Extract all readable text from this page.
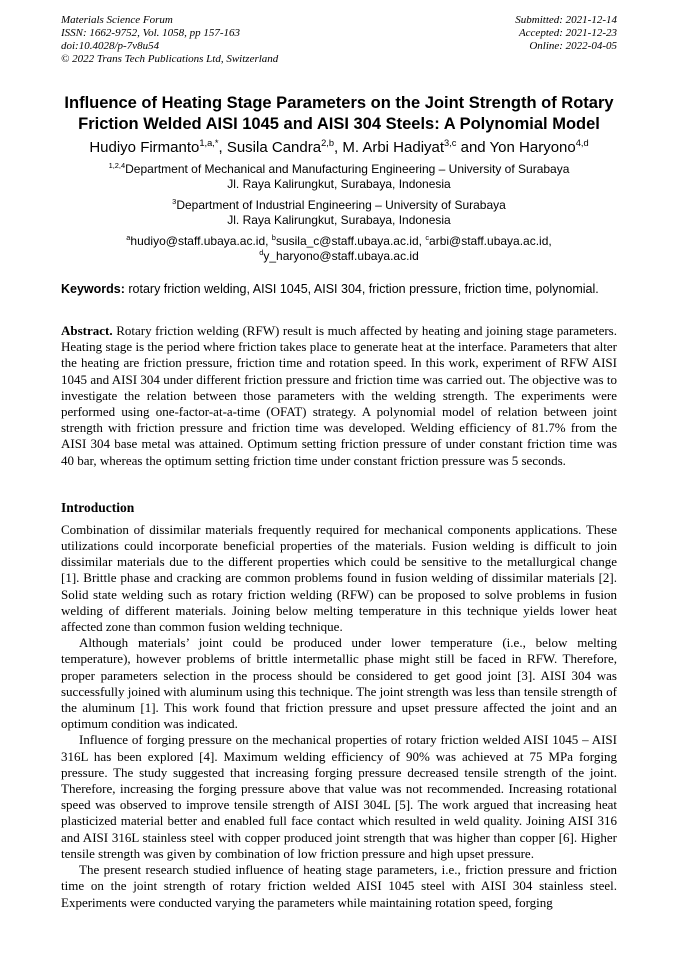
Materials Science Forum
ISSN: 1662-9752, Vol. 1058, pp 157-163
doi:10.4028/p-7v8u54
© 2022 Trans Tech Publications Ltd, Switzerland
Submitted: 2021-12-14
Accepted: 2021-12-23
Online: 2022-04-05
Influence of Heating Stage Parameters on the Joint Strength of Rotary Friction Welded AISI 1045 and AISI 304 Steels: A Polynomial Model
Hudiyo Firmanto$^{1,a,*}$, Susila Candra$^{2,b}$, M. Arbi Hadiyat$^{3,c}$ and Yon Haryono$^{4,d}$
$^{1,2,4}$Department of Mechanical and Manufacturing Engineering – University of Surabaya
Jl. Raya Kalirungkut, Surabaya, Indonesia
$^3$Department of Industrial Engineering – University of Surabaya
Jl. Raya Kalirungkut, Surabaya, Indonesia
$^a$hudiyo@staff.ubaya.ac.id, $^b$susila_c@staff.ubaya.ac.id, $^c$arbi@staff.ubaya.ac.id,
$^d$y_haryono@staff.ubaya.ac.id
Keywords: rotary friction welding, AISI 1045, AISI 304, friction pressure, friction time, polynomial.
Abstract. Rotary friction welding (RFW) result is much affected by heating and joining stage parameters. Heating stage is the period where friction takes place to generate heat at the interface. Parameters that alter the heating are friction pressure, friction time and rotation speed. In this work, experiment of RFW AISI 1045 and AISI 304 under different friction pressure and friction time was carried out. The objective was to investigate the relation between those parameters with the welding strength. The experiments were performed using one-factor-at-a-time (OFAT) strategy. A polynomial model of relation between joint strength with friction pressure and friction time was developed. Welding efficiency of 81.7% from the AISI 304 base metal was attained. Optimum setting friction pressure of under constant friction time was 40 bar, whereas the optimum setting friction time under constant friction pressure was 5 seconds.
Introduction

Combination of dissimilar materials frequently required for mechanical components applications. These utilizations could incorporate beneficial properties of the materials. Fusion welding is difficult to join dissimilar materials due to the different properties which could be sensitive to the metallurgical change [1]. Brittle phase and cracking are common problems found in fusion welding of dissimilar materials [2]. Solid state welding such as rotary friction welding (RFW) can be proposed to solve problems in fusion welding of different materials. Joining below melting temperature in this technique yields lower heat affected zone than common fusion welding technique.

Although materials’ joint could be produced under lower temperature (i.e., below melting temperature), however problems of brittle intermetallic phase might still be faced in RFW. Therefore, proper parameters selection in the process should be considered to get good joint [3]. AISI 304 was successfully joined with aluminum using this technique. The joint strength was less than tensile strength of the aluminum [1]. This work found that friction pressure and upset pressure affected the joint and an optimum condition was indicated.

Influence of forging pressure on the mechanical properties of rotary friction welded AISI 1045 – AISI 316L has been explored [4]. Maximum welding efficiency of 90% was achieved at 75 MPa forging pressure. The study suggested that increasing forging pressure decreased tensile strength of the joint. Therefore, increasing the forging pressure above that value was not recommended. Increasing rotational speed was observed to improve tensile strength of AISI 304L [5]. The work argued that increasing heat plasticized material better and enabled full face contact which resulted in weld quality. Joining AISI 316 and AISI 316L stainless steel with copper produced joint strength that was higher than copper [6]. Higher tensile strength was given by combination of low friction pressure and high upset pressure.

The present research studied influence of heating stage parameters, i.e., friction pressure and friction time on the joint strength of rotary friction welded AISI 1045 steel with AISI 304 stainless steel. Experiments were conducted varying the parameters while maintaining rotation speed, forging
